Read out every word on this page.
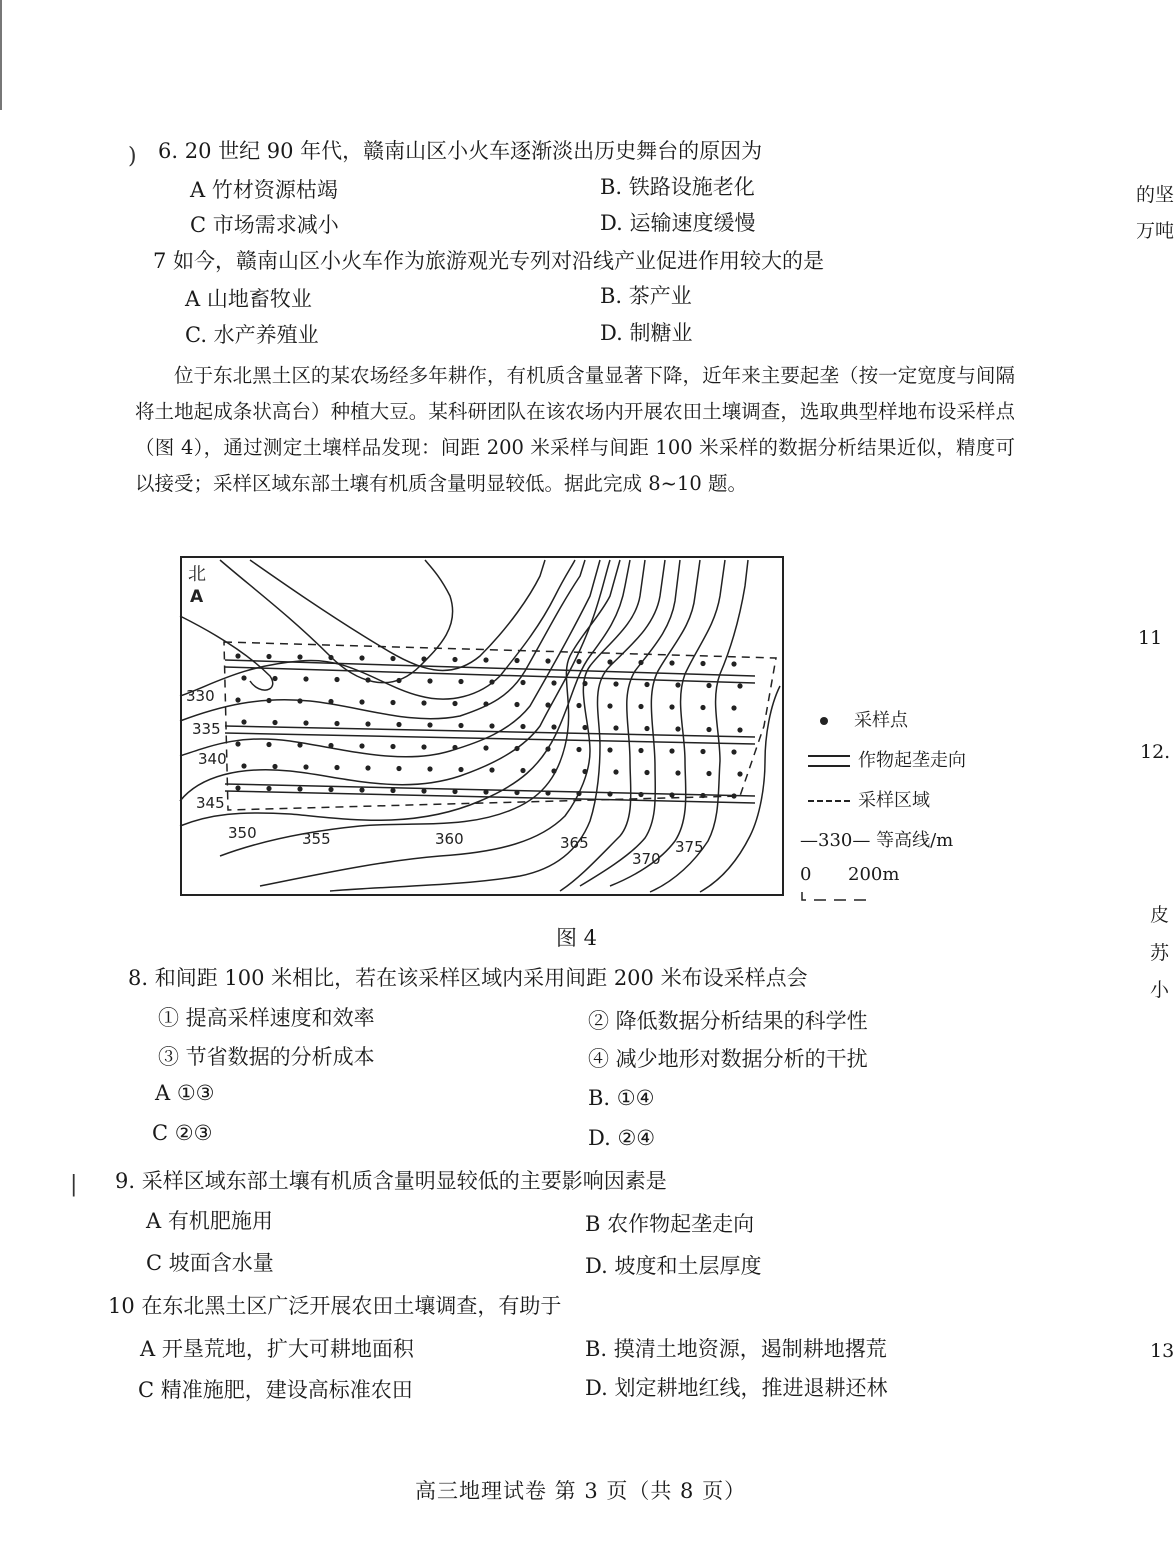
)
|
6. 20 世纪 90 年代，赣南山区小火车逐渐淡出历史舞台的原因为
A 竹材资源枯竭	B. 铁路设施老化
C 市场需求减小	D. 运输速度缓慢
7 如今，赣南山区小火车作为旅游观光专列对沿线产业促进作用较大的是
A 山地畜牧业	B. 茶产业
C. 水产养殖业	D. 制糖业

位于东北黑土区的某农场经多年耕作，有机质含量显著下降，近年来主要起垄（按一定宽度与间隔将土地起成条状高台）种植大豆。某科研团队在该农场内开展农田土壤调查，选取典型样地布设采样点（图 4），通过测定土壤样品发现：间距 200 米采样与间距 100 米采样的数据分析结果近似，精度可以接受；采样区域东部土壤有机质含量明显较低。据此完成 8~10 题。

北
A
330
335
340
345
350	355	360	365
370
375
采样点
作物起垄走向
采样区域
—330— 等高线/m
0 200m
图 4
8. 和间距 100 米相比，若在该采样区域内采用间距 200 米布设采样点会
① 提高采样速度和效率	② 降低数据分析结果的科学性
③ 节省数据的分析成本	④ 减少地形对数据分析的干扰
A ①③	B. ①④
C ②③	D. ②④
9. 采样区域东部土壤有机质含量明显较低的主要影响因素是
A 有机肥施用	B 农作物起垄走向
C 坡面含水量	D. 坡度和土层厚度
10 在东北黑土区广泛开展农田土壤调查，有助于
A 开垦荒地，扩大可耕地面积	B. 摸清土地资源，遏制耕地撂荒
C 精准施肥，建设高标准农田	D. 划定耕地红线，推进退耕还林
的坚
万吨
11
12.
皮
苏
小
13
高三地理试卷 第 3 页（共 8 页）
